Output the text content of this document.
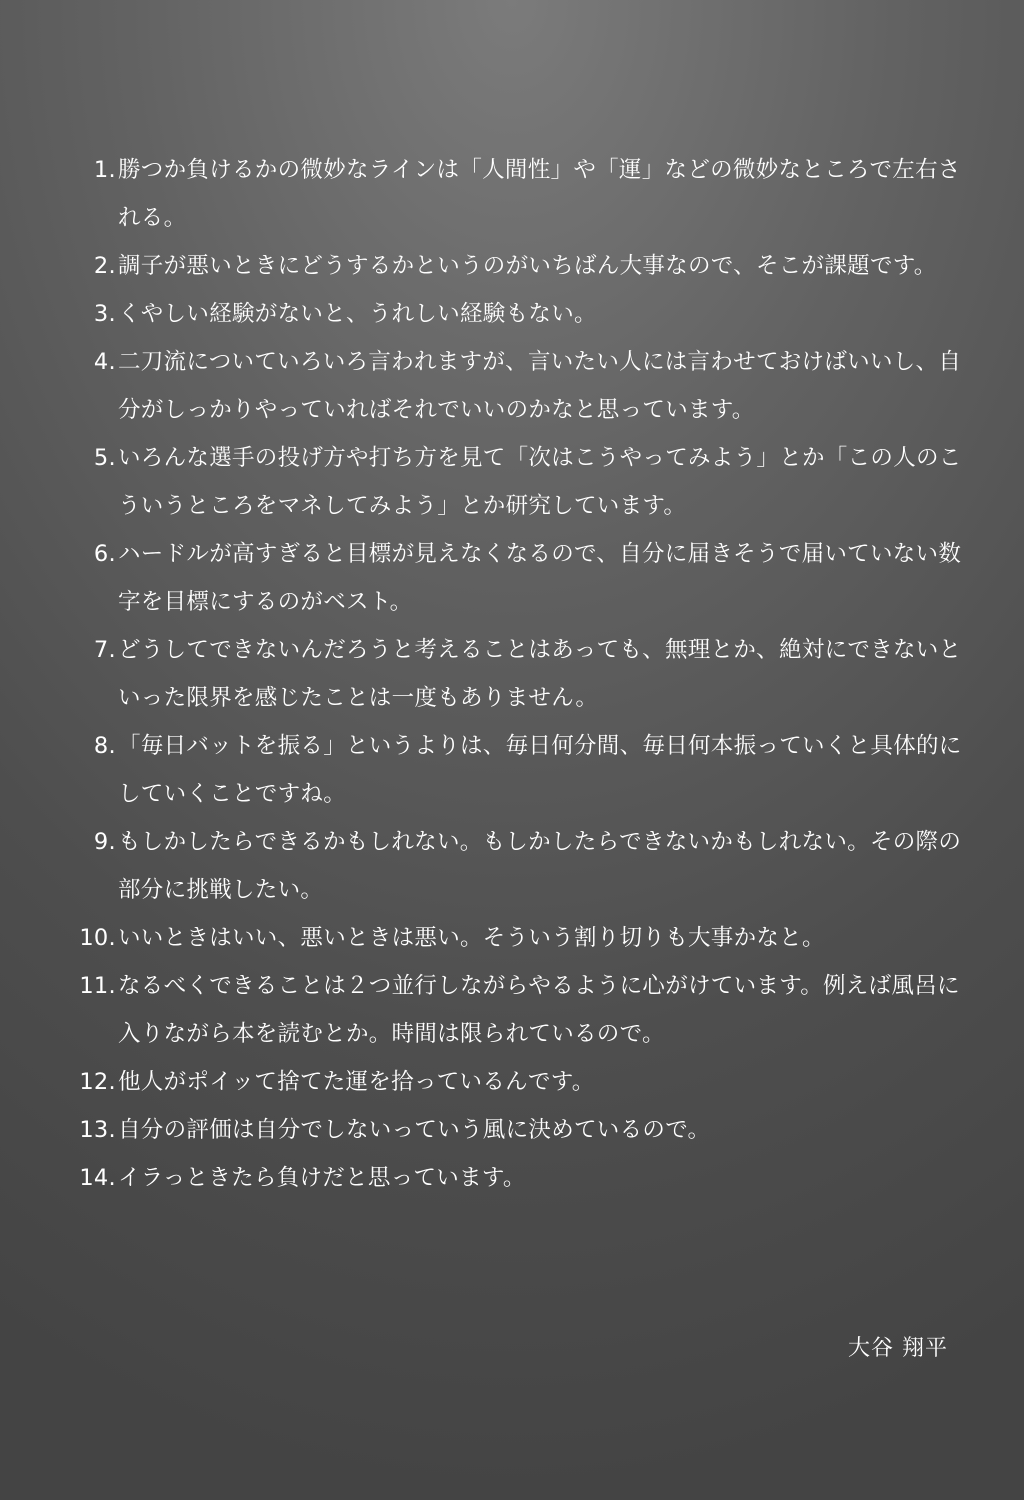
1. 勝つか負けるかの微妙なラインは「人間性」や「運」などの微妙なところで左右される。
2. 調子が悪いときにどうするかというのがいちばん大事なので、そこが課題です。
3. くやしい経験がないと、うれしい経験もない。
4. 二刀流についていろいろ言われますが、言いたい人には言わせておけばいいし、自分がしっかりやっていればそれでいいのかなと思っています。
5. いろんな選手の投げ方や打ち方を見て「次はこうやってみよう」とか「この人のこういうところをマネしてみよう」とか研究しています。
6. ハードルが高すぎると目標が見えなくなるので、自分に届きそうで届いていない数字を目標にするのがベスト。
7. どうしてできないんだろうと考えることはあっても、無理とか、絶対にできないといった限界を感じたことは一度もありません。
8. 「毎日バットを振る」というよりは、毎日何分間、毎日何本振っていくと具体的にしていくことですね。
9. もしかしたらできるかもしれない。もしかしたらできないかもしれない。その際の部分に挑戦したい。
10. いいときはいい、悪いときは悪い。そういう割り切りも大事かなと。
11. なるべくできることは２つ並行しながらやるように心がけています。例えば風呂に入りながら本を読むとか。時間は限られているので。
12. 他人がポイッて捨てた運を拾っているんです。
13. 自分の評価は自分でしないっていう風に決めているので。
14. イラっときたら負けだと思っています。
大谷 翔平
